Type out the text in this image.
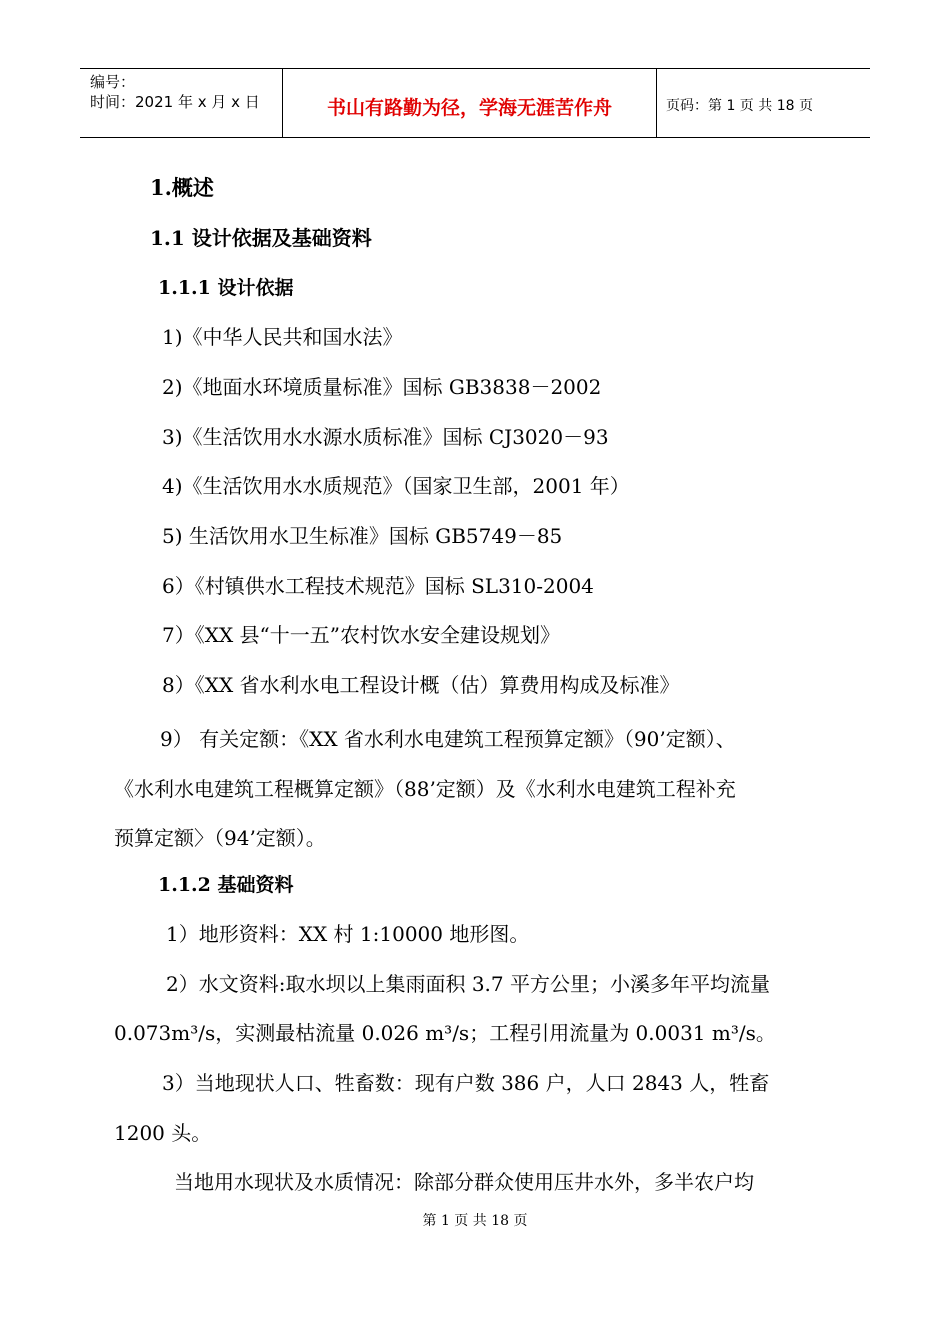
编号：
时间：2021 年 x 月 x 日	书山有路勤为径，学海无涯苦作舟	页码：第 1 页 共 18 页
1.概述
1.1 设计依据及基础资料
1.1.1 设计依据
1)《中华人民共和国水法》
2)《地面水环境质量标准》国标 GB3838－2002
3)《生活饮用水水源水质标准》国标 CJ3020－93
4)《生活饮用水水质规范》（国家卫生部，2001 年）
5) 生活饮用水卫生标准》国标 GB5749－85
6）《村镇供水工程技术规范》国标 SL310-2004
7）《XX 县“十一五”农村饮水安全建设规划》
8）《XX 省水利水电工程设计概（估）算费用构成及标准》
9） 有关定额：《XX 省水利水电建筑工程预算定额》（90’定额）、
《水利水电建筑工程概算定额》（88’定额）及《水利水电建筑工程补充
预算定额〉（94’定额）。
1.1.2 基础资料
1）地形资料：XX 村 1:10000 地形图。
2）水文资料:取水坝以上集雨面积 3.7 平方公里；小溪多年平均流量
0.073m³/s，实测最枯流量 0.026 m³/s；工程引用流量为 0.0031 m³/s。
3）当地现状人口、牲畜数：现有户数 386 户，人口 2843 人，牲畜
1200 头。
当地用水现状及水质情况：除部分群众使用压井水外，多半农户均
第 1 页 共 18 页
